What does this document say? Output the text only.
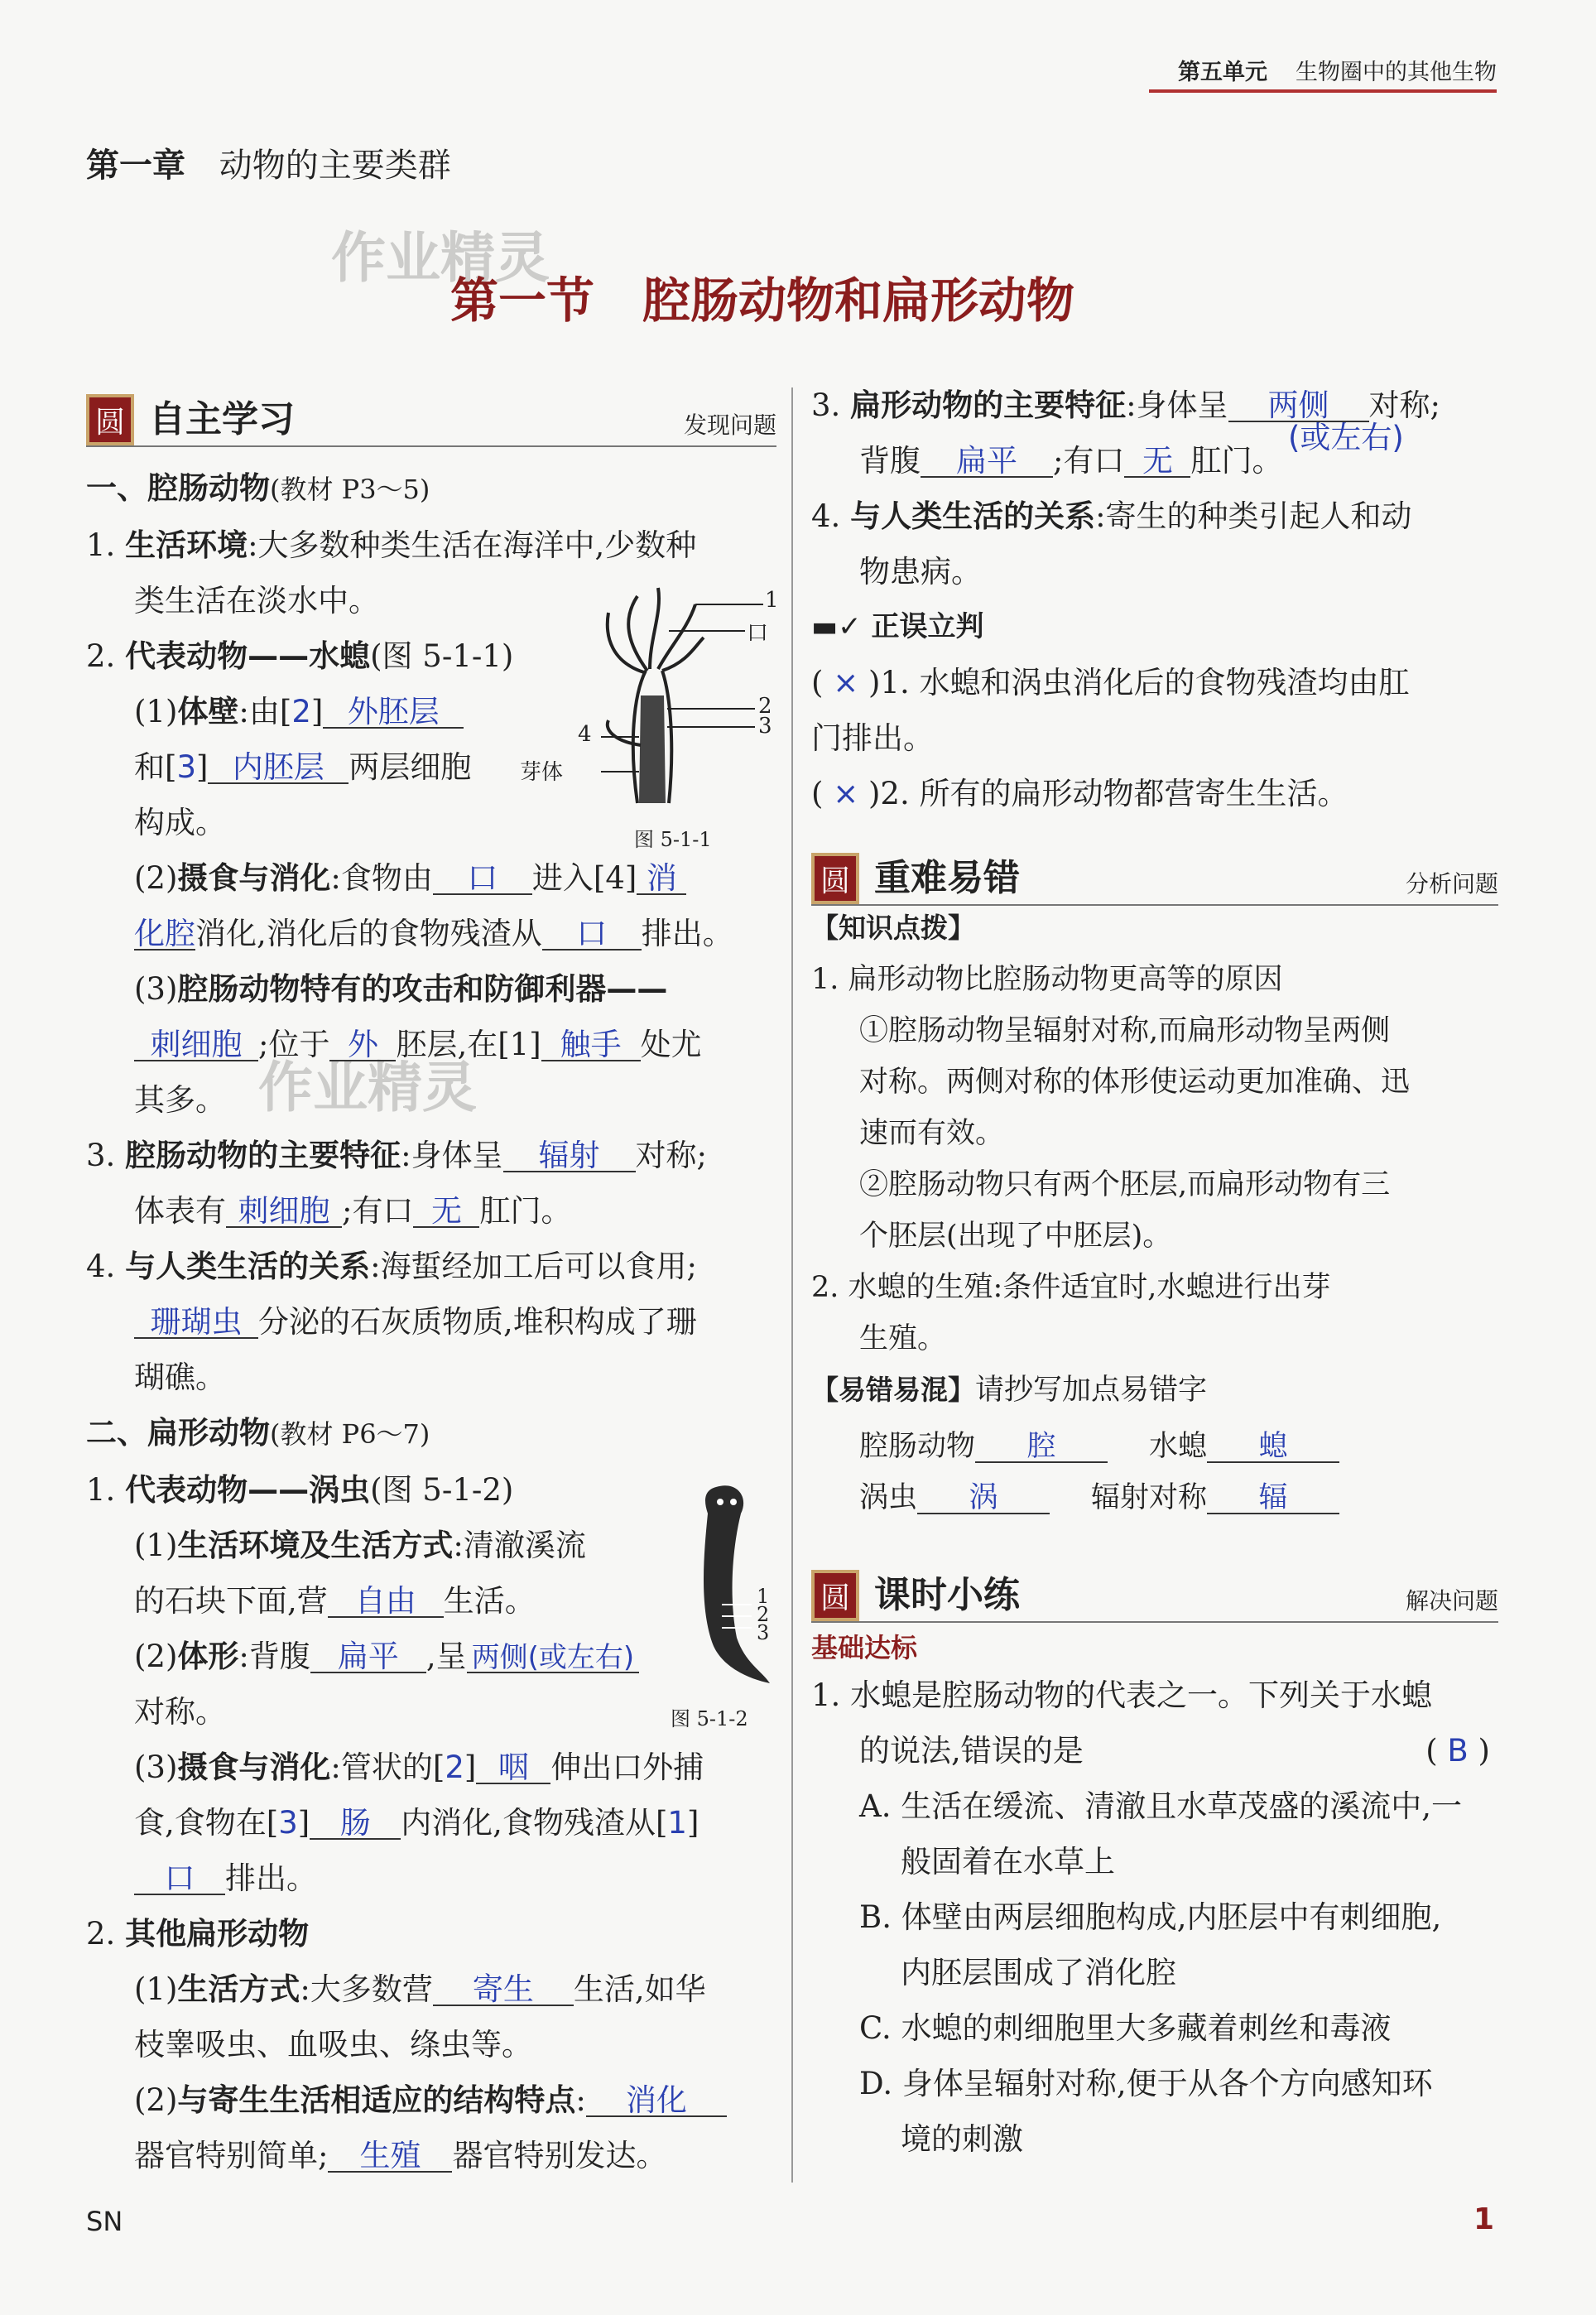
第五单元 生物圈中的其他生物
第一章 动物的主要类群
作业精灵
作业精灵
第一节　腔肠动物和扁形动物
圆 自主学习	发现问题
一、腔肠动物(教材 P3～5)
1. 生活环境:大多数种类生活在海洋中,少数种
类生活在淡水中。
2. 代表动物——水螅(图 5-1-1)
(1)体壁:由[2] 外胚层
和[3] 内胚层 两层细胞
构成。
(2)摄食与消化:食物由 口 进入[4] 消
化腔消化,消化后的食物残渣从 口 排出。
(3)腔肠动物特有的攻击和防御利器——
刺细胞 ;位于 外 胚层,在[1] 触手 处尤
其多。
3. 腔肠动物的主要特征:身体呈 辐射 对称;
体表有 刺细胞 ;有口 无 肛门。
4. 与人类生活的关系:海蜇经加工后可以食用;
珊瑚虫 分泌的石灰质物质,堆积构成了珊
瑚礁。
二、扁形动物(教材 P6～7)
1. 代表动物——涡虫(图 5-1-2)
(1)生活环境及生活方式:清澈溪流
的石块下面,营 自由 生活。
(2)体形:背腹 扁平 ,呈 两侧(或左右)
对称。
(3)摄食与消化:管状的[2] 咽 伸出口外捕
食,食物在[3] 肠 内消化,食物残渣从[1]
口 排出。
2. 其他扁形动物
(1)生活方式:大多数营 寄生 生活,如华
枝睾吸虫、血吸虫、绦虫等。
(2)与寄生生活相适应的结构特点: 消化
器官特别简单; 生殖 器官特别发达。
1
口
2
3
4
芽体
图 5-1-1
1
2
3
图 5-1-2
3. 扁形动物的主要特征:身体呈 两侧 对称;
背腹 扁平 ;有口 无 肛门。
(或左右)
4. 与人类生活的关系:寄生的种类引起人和动
物患病。
▬✓ 正误立判
( × )1. 水螅和涡虫消化后的食物残渣均由肛
门排出。
( × )2. 所有的扁形动物都营寄生生活。
圆 重难易错	分析问题
【知识点拨】
1. 扁形动物比腔肠动物更高等的原因
①腔肠动物呈辐射对称,而扁形动物呈两侧
对称。两侧对称的体形使运动更加准确、迅
速而有效。
②腔肠动物只有两个胚层,而扁形动物有三
个胚层(出现了中胚层)。
2. 水螅的生殖:条件适宜时,水螅进行出芽
生殖。
【易错易混】请抄写加点易错字
腔肠动物 腔	水螅 螅
涡虫 涡	辐射对称 辐
圆 课时小练	解决问题
基础达标
1. 水螅是腔肠动物的代表之一。下列关于水螅
的说法,错误的是	( B )
A. 生活在缓流、清澈且水草茂盛的溪流中,一
般固着在水草上
B. 体壁由两层细胞构成,内胚层中有刺细胞,
内胚层围成了消化腔
C. 水螅的刺细胞里大多藏着刺丝和毒液
D. 身体呈辐射对称,便于从各个方向感知环
境的刺激
SN	1
